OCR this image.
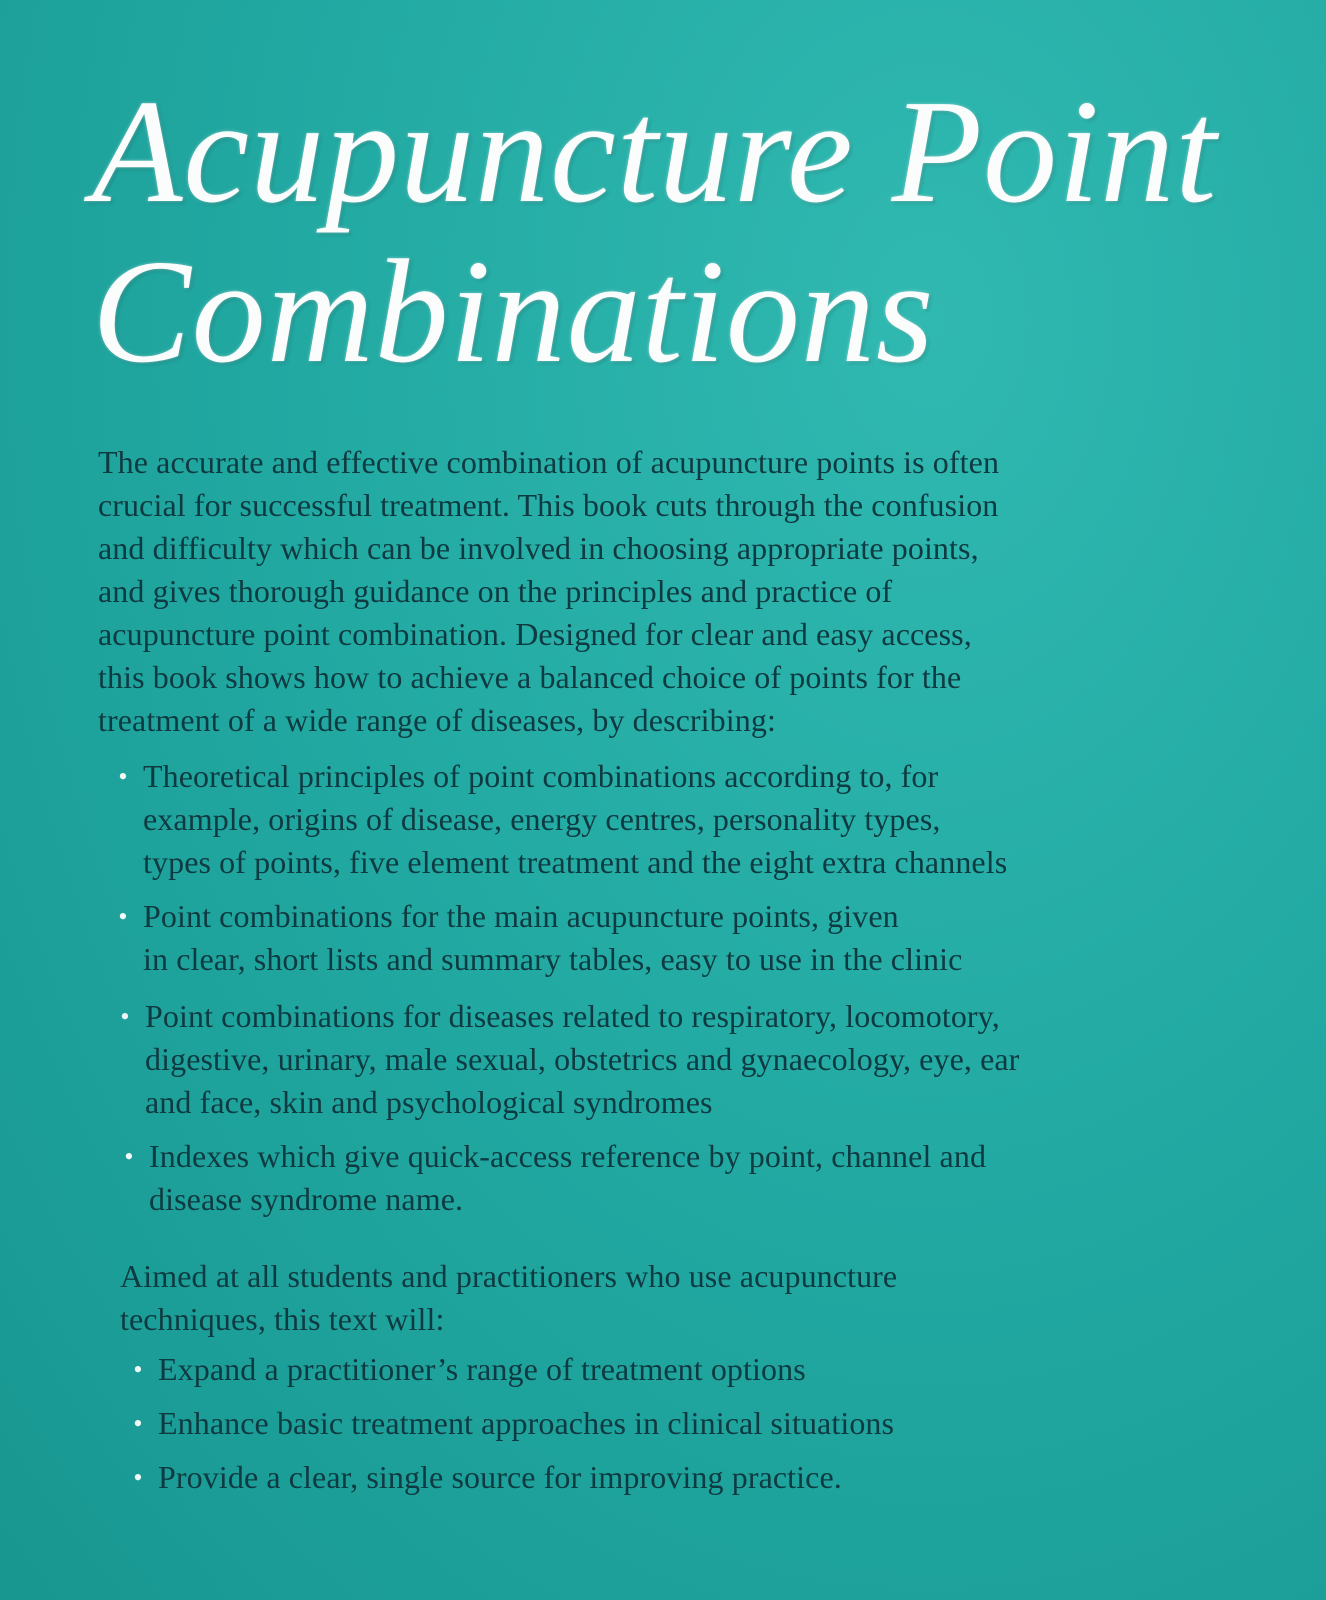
Acupuncture Point
Combinations

The accurate and effective combination of acupuncture points is often
crucial for successful treatment. This book cuts through the confusion
and difficulty which can be involved in choosing appropriate points,
and gives thorough guidance on the principles and practice of
acupuncture point combination. Designed for clear and easy access,
this book shows how to achieve a balanced choice of points for the
treatment of a wide range of diseases, by describing:

• Theoretical principles of point combinations according to, for
example, origins of disease, energy centres, personality types,
types of points, five element treatment and the eight extra channels
• Point combinations for the main acupuncture points, given
in clear, short lists and summary tables, easy to use in the clinic
• Point combinations for diseases related to respiratory, locomotory,
digestive, urinary, male sexual, obstetrics and gynaecology, eye, ear
and face, skin and psychological syndromes
• Indexes which give quick-access reference by point, channel and
disease syndrome name.

Aimed at all students and practitioners who use acupuncture
techniques, this text will:

• Expand a practitioner’s range of treatment options
• Enhance basic treatment approaches in clinical situations
• Provide a clear, single source for improving practice.
